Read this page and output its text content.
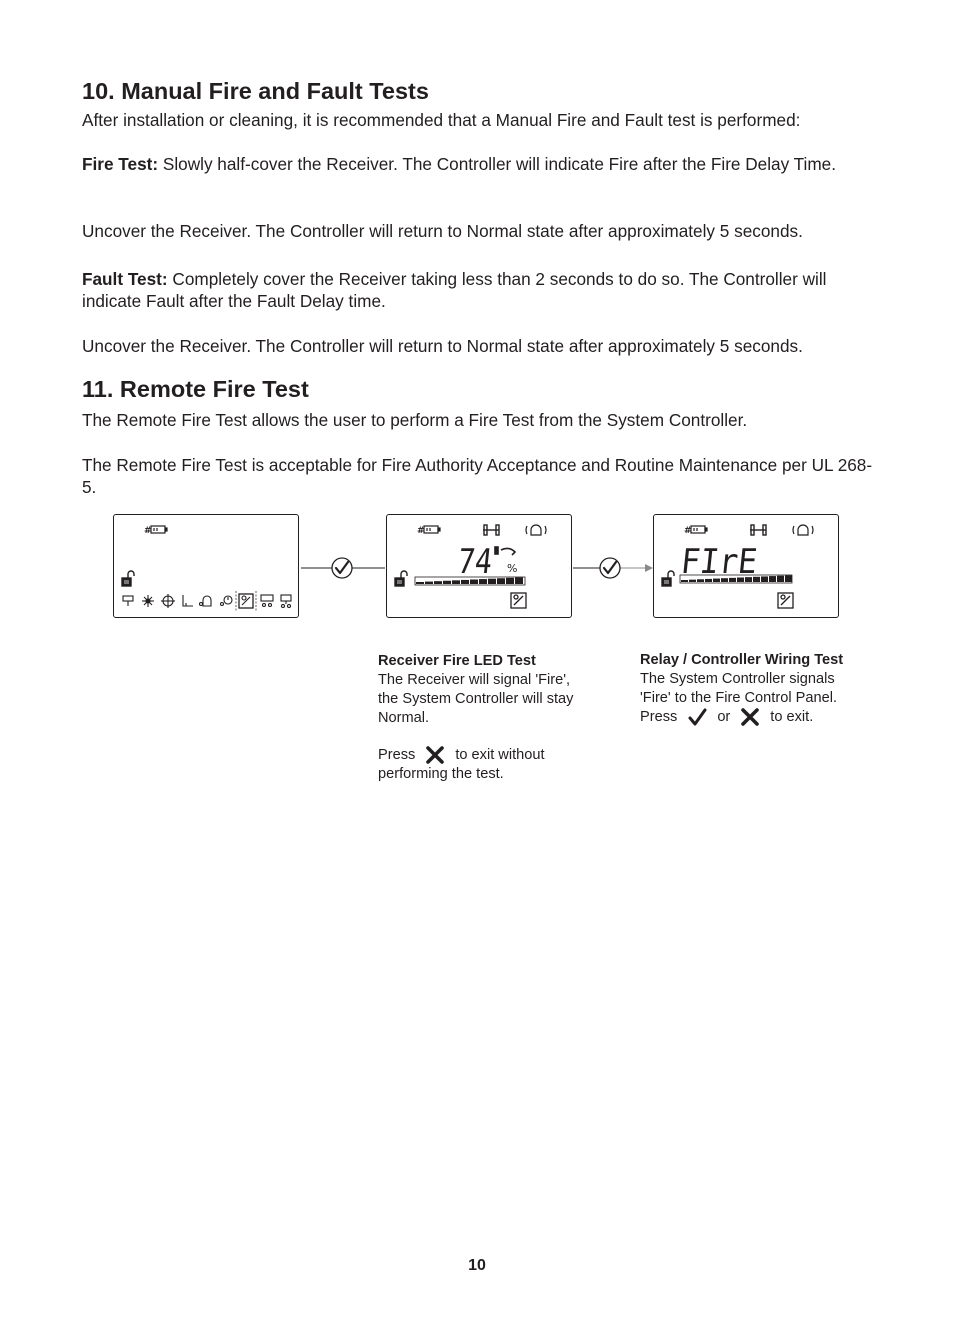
10. Manual Fire and Fault Tests

After installation or cleaning, it is recommended that a Manual Fire and Fault test is performed:

Fire Test: Slowly half-cover the Receiver. The Controller will indicate Fire after the Fire Delay Time.

Uncover the Receiver. The Controller will return to Normal state after approximately 5 seconds.

Fault Test: Completely cover the Receiver taking less than 2 seconds to do so. The Controller will indicate Fault after the Fault Delay time.

Uncover the Receiver. The Controller will return to Normal state after approximately 5 seconds.

11. Remote Fire Test

The Remote Fire Test allows the user to perform a Fire Test from the System Controller.

The Remote Fire Test is acceptable for Fire Authority Acceptance and Routine Maintenance per UL 268-5.

#	#
74 %
#
FIrE
Receiver Fire LED Test
The Receiver will signal 'Fire',
the System Controller will stay
Normal.
Press	to exit without
performing the test.
Relay / Controller Wiring Test
The System Controller signals
'Fire' to the Fire Control Panel.
Press	or	to exit.
10
